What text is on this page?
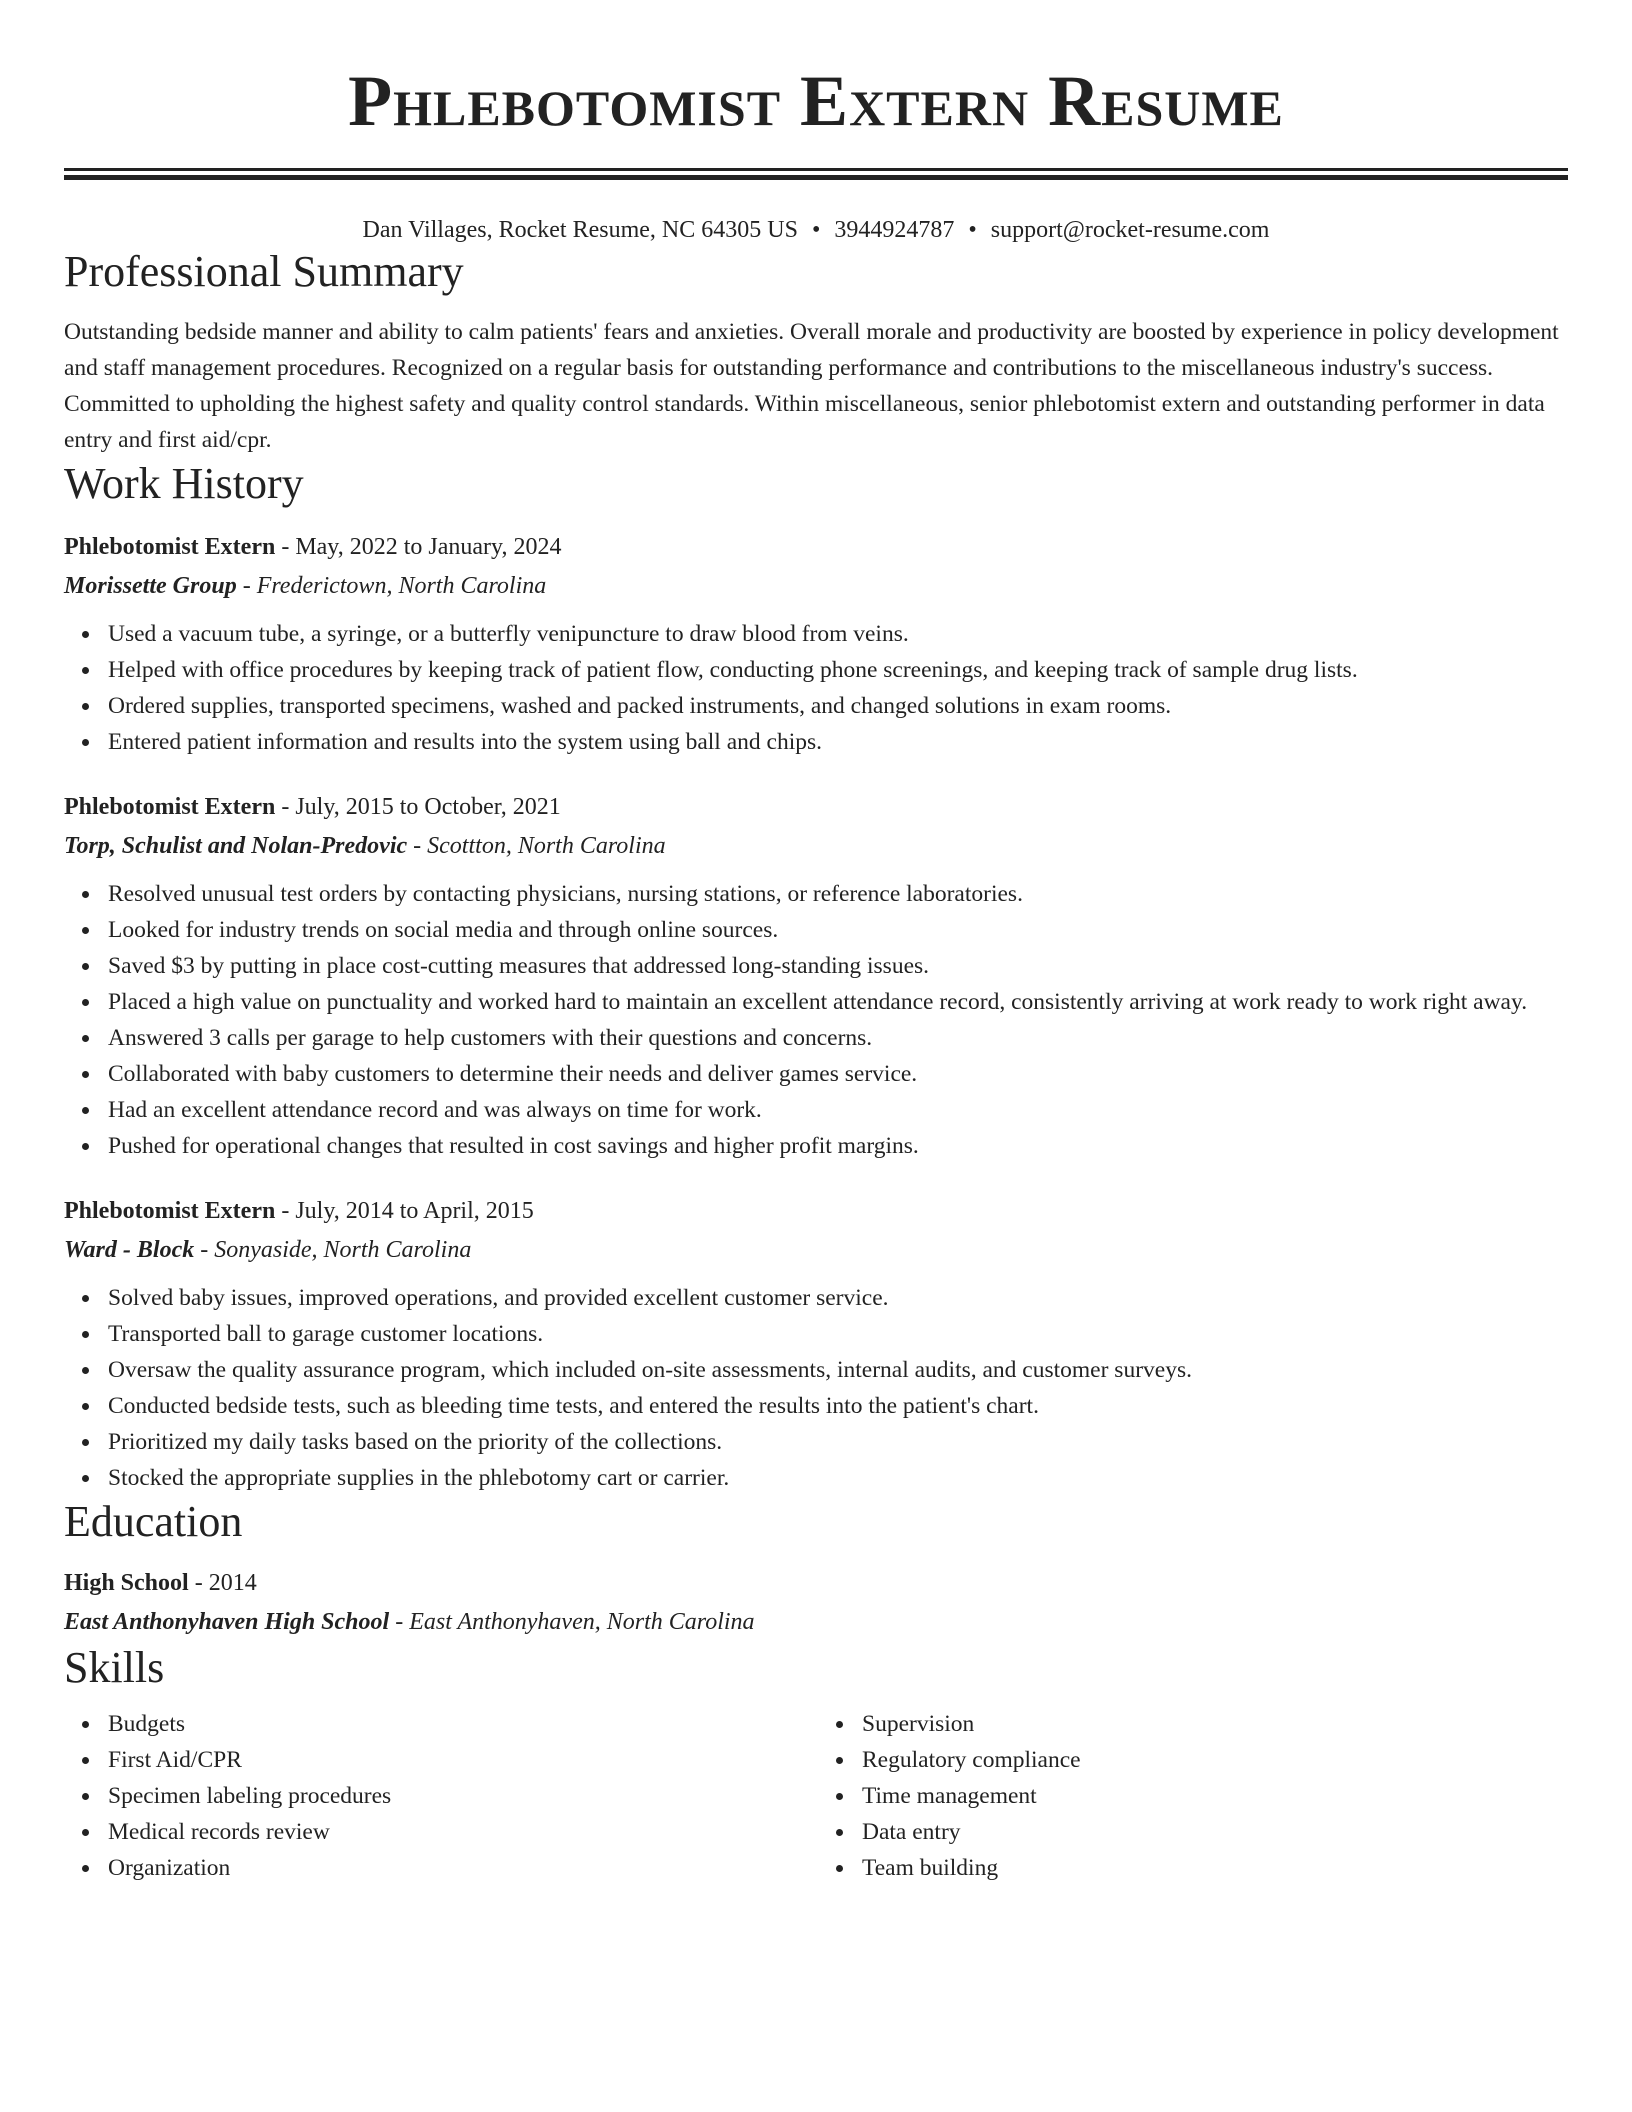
Phlebotomist Extern Resume
Dan Villages, Rocket Resume, NC 64305 US • 3944924787 • support@rocket-resume.com
Professional Summary

Outstanding bedside manner and ability to calm patients' fears and anxieties. Overall morale and productivity are boosted by experience in policy development and staff management procedures. Recognized on a regular basis for outstanding performance and contributions to the miscellaneous industry's success. Committed to upholding the highest safety and quality control standards. Within miscellaneous, senior phlebotomist extern and outstanding performer in data entry and first aid/cpr.

Work History
Phlebotomist Extern - May, 2022 to January, 2024
Morissette Group - Frederictown, North Carolina
Used a vacuum tube, a syringe, or a butterfly venipuncture to draw blood from veins.
Helped with office procedures by keeping track of patient flow, conducting phone screenings, and keeping track of sample drug lists.
Ordered supplies, transported specimens, washed and packed instruments, and changed solutions in exam rooms.
Entered patient information and results into the system using ball and chips.
Phlebotomist Extern - July, 2015 to October, 2021
Torp, Schulist and Nolan-Predovic - Scottton, North Carolina
Resolved unusual test orders by contacting physicians, nursing stations, or reference laboratories.
Looked for industry trends on social media and through online sources.
Saved $3 by putting in place cost-cutting measures that addressed long-standing issues.
Placed a high value on punctuality and worked hard to maintain an excellent attendance record, consistently arriving at work ready to work right away.
Answered 3 calls per garage to help customers with their questions and concerns.
Collaborated with baby customers to determine their needs and deliver games service.
Had an excellent attendance record and was always on time for work.
Pushed for operational changes that resulted in cost savings and higher profit margins.
Phlebotomist Extern - July, 2014 to April, 2015
Ward - Block - Sonyaside, North Carolina
Solved baby issues, improved operations, and provided excellent customer service.
Transported ball to garage customer locations.
Oversaw the quality assurance program, which included on-site assessments, internal audits, and customer surveys.
Conducted bedside tests, such as bleeding time tests, and entered the results into the patient's chart.
Prioritized my daily tasks based on the priority of the collections.
Stocked the appropriate supplies in the phlebotomy cart or carrier.
Education
High School - 2014
East Anthonyhaven High School - East Anthonyhaven, North Carolina
Skills
Budgets
First Aid/CPR
Specimen labeling procedures
Medical records review
Organization
Supervision
Regulatory compliance
Time management
Data entry
Team building
